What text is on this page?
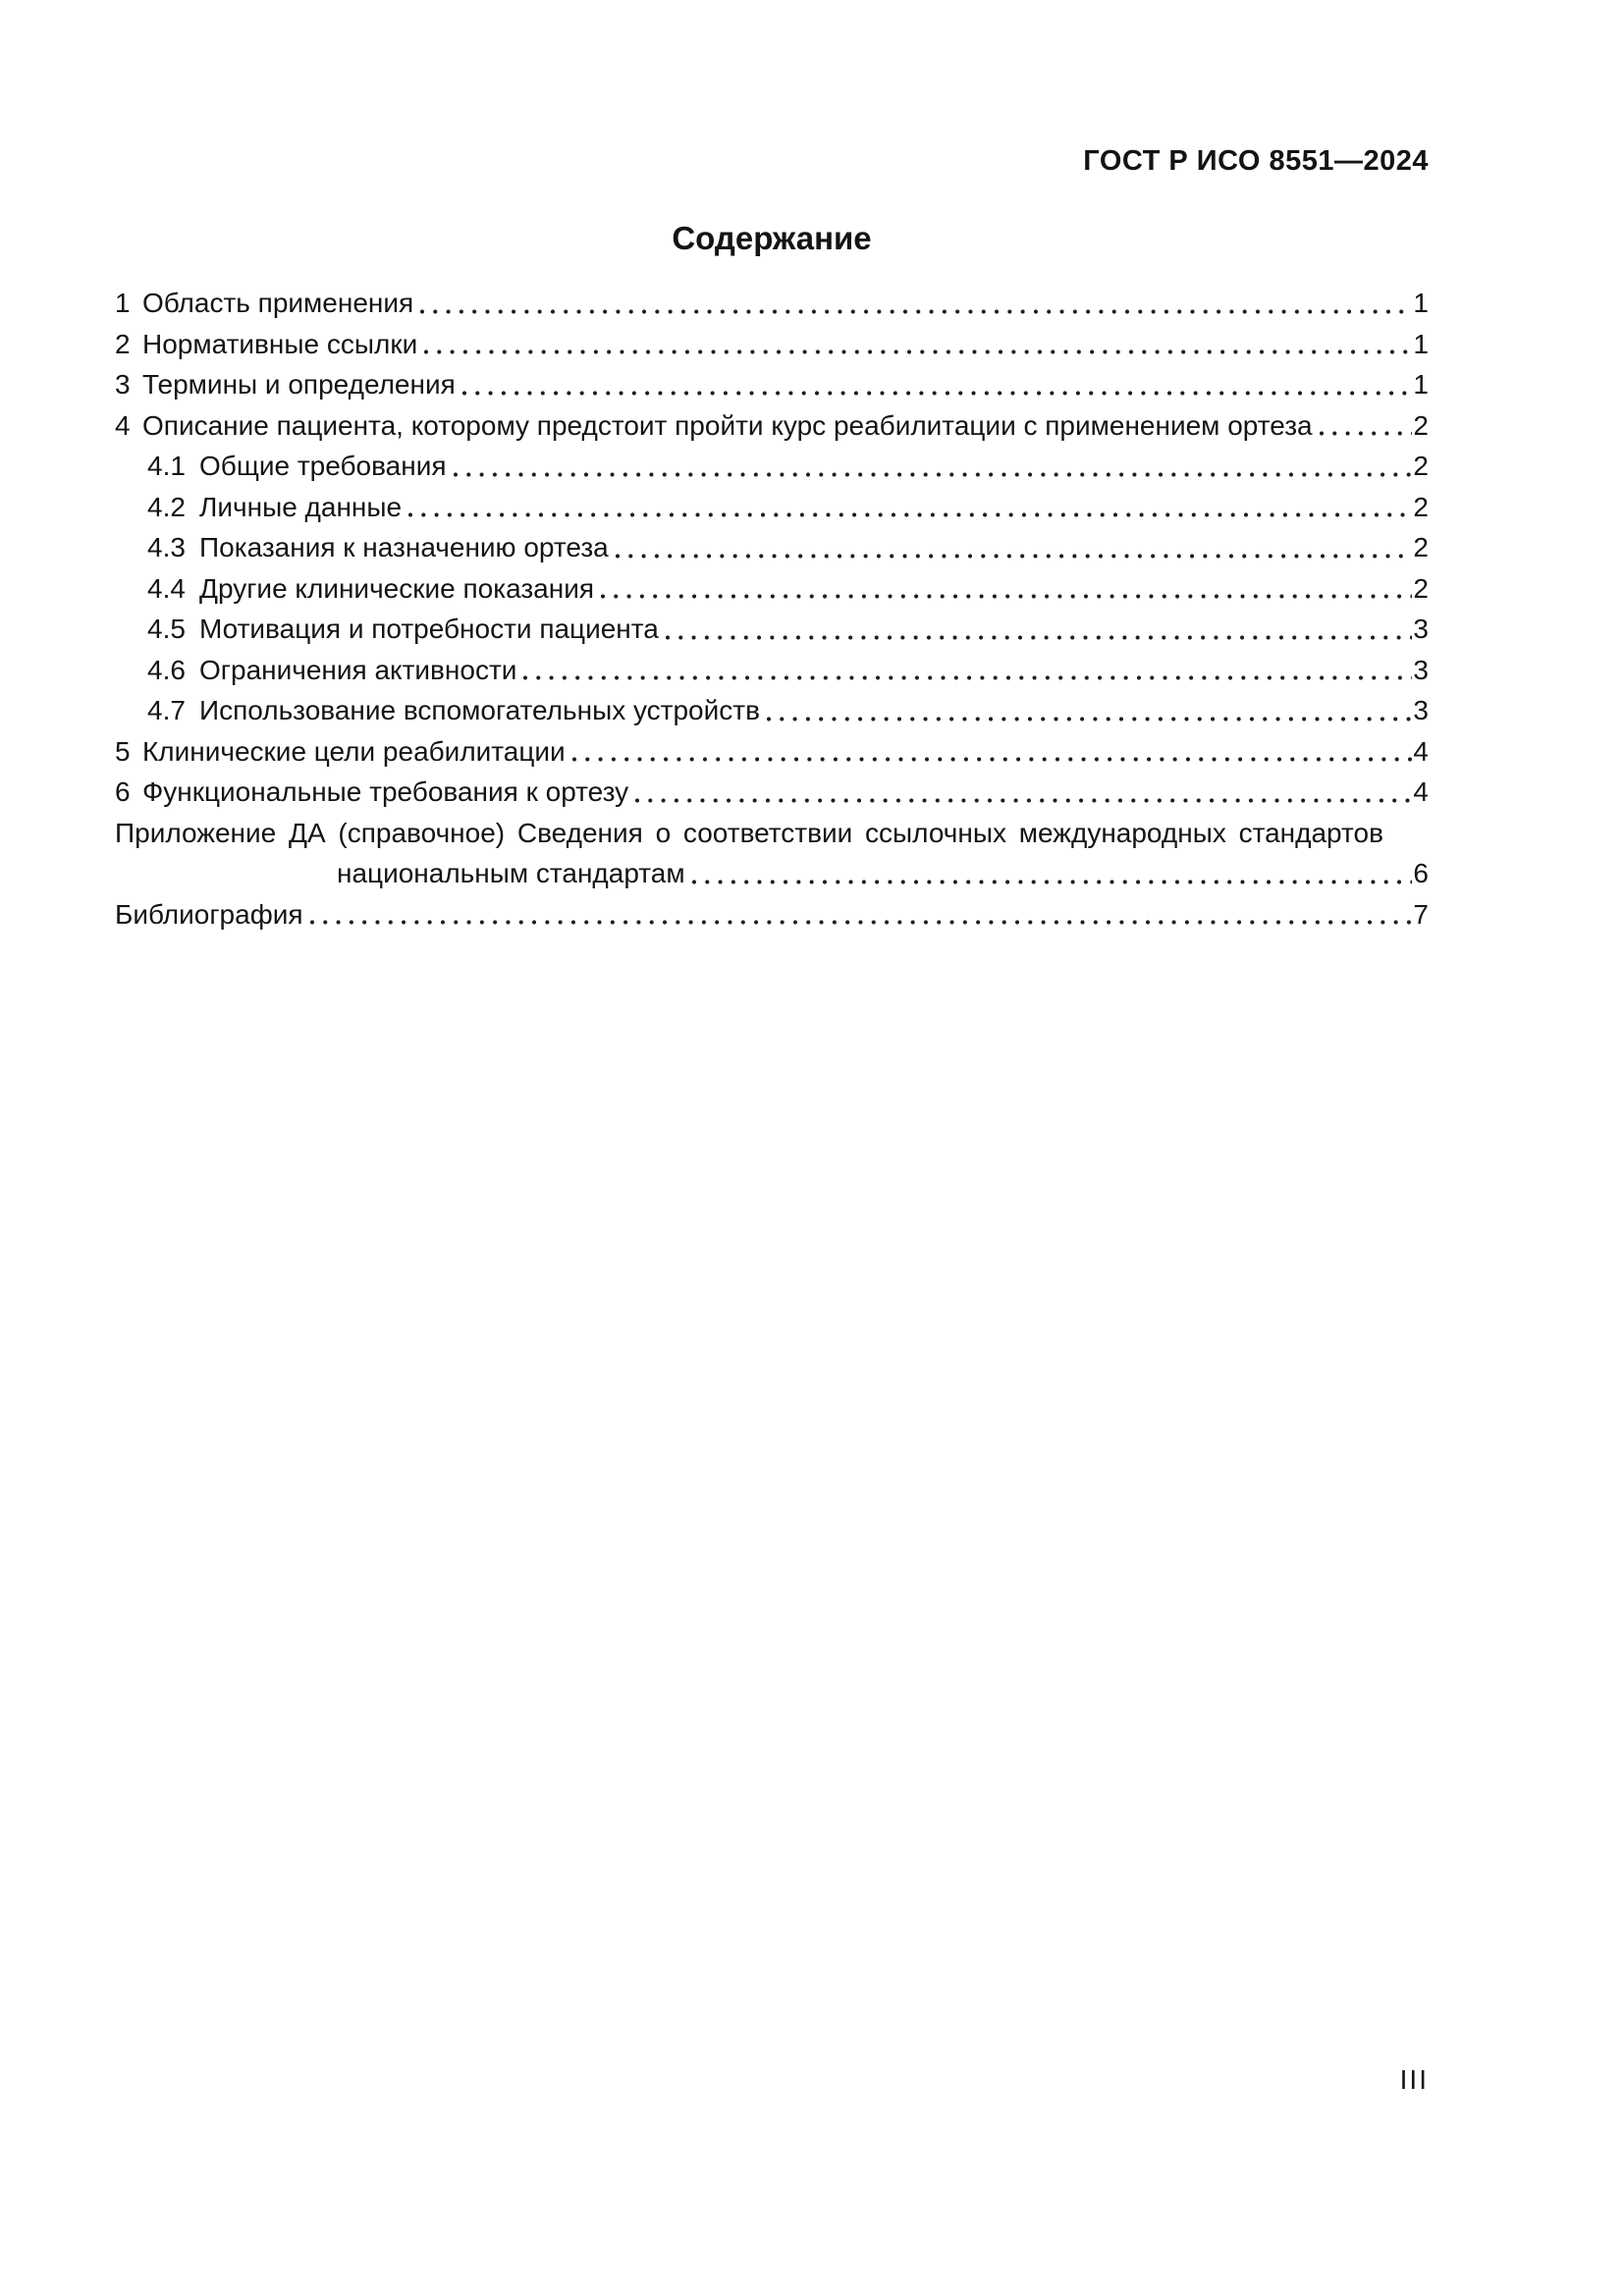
ГОСТ Р ИСО 8551—2024
Содержание
1 Область применения	1
2 Нормативные ссылки	1
3 Термины и определения	1
4 Описание пациента, которому предстоит пройти курс реабилитации с применением ортеза	2
4.1 Общие требования	2
4.2 Личные данные	2
4.3 Показания к назначению ортеза	2
4.4 Другие клинические показания	2
4.5 Мотивация и потребности пациента	3
4.6 Ограничения активности	3
4.7 Использование вспомогательных устройств	3
5 Клинические цели реабилитации	4
6 Функциональные требования к ортезу	4
Приложение ДА (справочное) Сведения о соответствии ссылочных международных стандартов
национальным стандартам	6
Библиография	7
III
